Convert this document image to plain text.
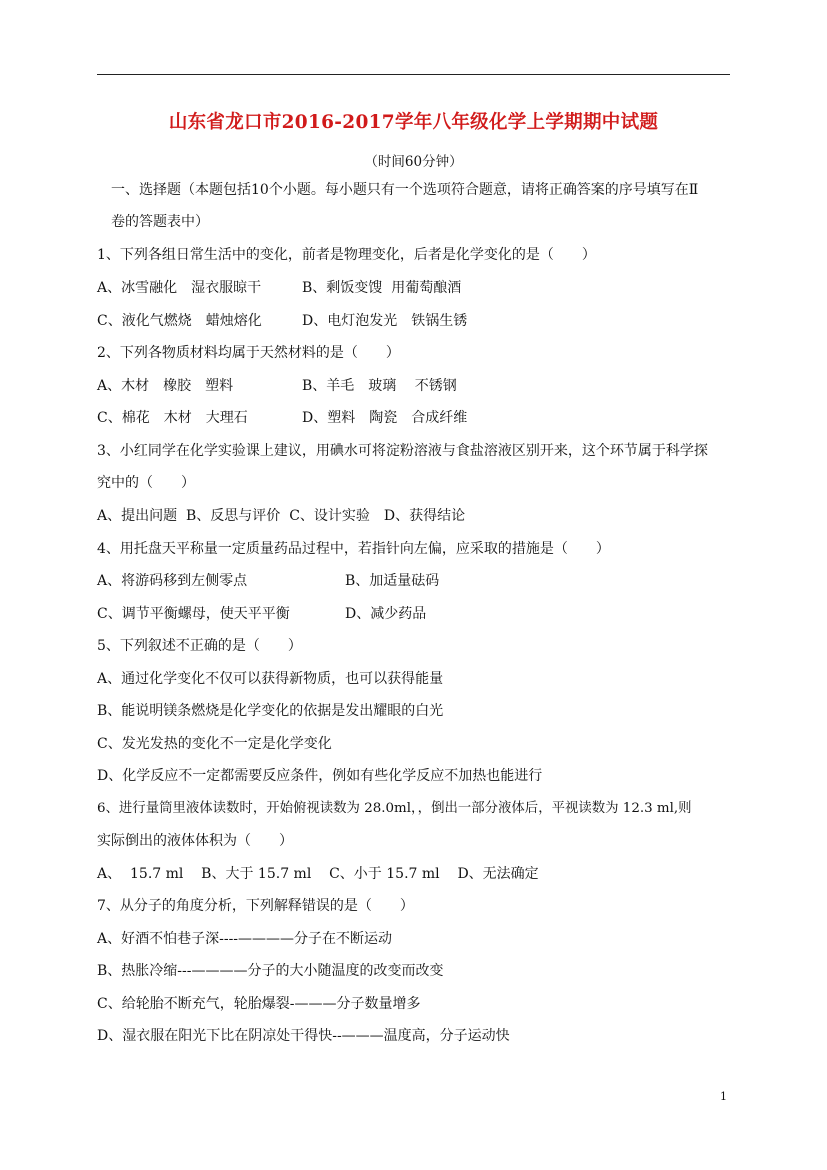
山东省龙口市2016-2017学年八年级化学上学期期中试题
（时间60分钟）
　一、选择题（本题包括10个小题。每小题只有一个选项符合题意，请将正确答案的序号填写在Ⅱ
　卷的答题表中）
1、下列各组日常生活中的变化，前者是物理变化，后者是化学变化的是（　　）
A、冰雪融化　湿衣服晾干	B、剩饭变馊  用葡萄酿酒
C、液化气燃烧　蜡烛熔化	D、电灯泡发光　铁锅生锈
2、下列各物质材料均属于天然材料的是（　　）
A、木材　橡胶　塑料	B、羊毛　玻璃　 不锈钢
C、棉花　木材　大理石	D、塑料　陶瓷　合成纤维
3、小红同学在化学实验课上建议，用碘水可将淀粉溶液与食盐溶液区别开来，这个环节属于科学探
究中的（　　）
A、提出问题  B、反思与评价  C、设计实验　D、获得结论
4、用托盘天平称量一定质量药品过程中，若指针向左偏，应采取的措施是（　　）
A、将游码移到左侧零点	B、加适量砝码
C、调节平衡螺母，使天平平衡	D、减少药品
5、下列叙述不正确的是（　　）
A、通过化学变化不仅可以获得新物质，也可以获得能量
B、能说明镁条燃烧是化学变化的依据是发出耀眼的白光
C、发光发热的变化不一定是化学变化
D、化学反应不一定都需要反应条件，例如有些化学反应不加热也能进行
6、进行量筒里液体读数时，开始俯视读数为 28.0ml，，倒出一部分液体后，平视读数为 12.3 ml,则
实际倒出的液体体积为（　　）
A、  15.7 ml    B、大于 15.7 ml    C、小于 15.7 ml    D、无法确定
7、从分子的角度分析，下列解释错误的是（　　）
A、好酒不怕巷子深----————分子在不断运动
B、热胀冷缩---————分子的大小随温度的改变而改变
C、给轮胎不断充气，轮胎爆裂-———分子数量增多
D、湿衣服在阳光下比在阴凉处干得快--———温度高，分子运动快
1
